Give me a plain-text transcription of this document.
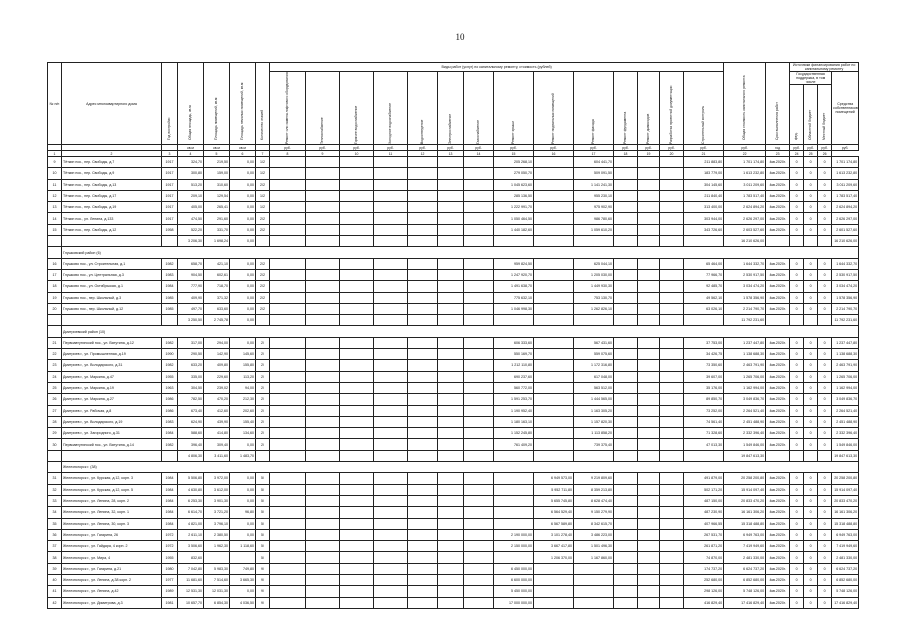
10
№ п/п	Адрес многоквартирного дома	Год постройки	Общая площадь, кв.м	Площадь помещений, кв.м	Площадь нежилых помещений, кв.м	Количество этажей	Виды работ (услуг) по капитальному ремонту, стоимость (рублей)														Общая стоимость капитального ремонта	Срок выполнения работ	Источники финансирования работ по капитальному ремонту			

							Ремонт или замена лифтового оборудования	Теплоснабжение	Горячее водоснабжение	Холодное водоснабжение	Водоотведение	Электроснабжение	Газоснабжение	Ремонт крыши	Ремонт подвальных помещений	Ремонт фасада	Ремонт фундамента	Ремонт дымоходов	Разработка проектной документации	Строительный контроль			Государственная поддержка, в том числе			Средства собственников помещений

																							фед.	Областной бюджет	Местный бюджет	

			кв.м	кв.м	кв.м		руб.	руб.	руб.	руб.	руб.	руб.	руб.	руб.	руб.	руб.	руб.	руб.	руб.	руб.	руб.	год	руб.	руб.	руб.	руб.
1	2	3	4	5	6	7	8	9	10	11	12	13	14	15	16	17	18	19	20	21	22	23	24	25	26	
9	Тёткин пос., пер. Свободы, д.7	1917	324,70	219,50	0,00	1/2								205 268,10		604 441,70				211 883,80	1 701 174,80	4кв.2020г.	0	0	0	1 701 174,80
10	Тёткин пос., пер. Свободы, д.9	1917	300,80	159,00	0,00	1/2								279 050,70		509 091,50				183 779,00	1 613 232,80	4кв.2020г.	0	0	0	1 613 232,80
11	Тёткин пос., пер. Свободы, д.13	1917	513,20	310,60	0,00	2/2								1 045 623,60		1 141 241,30				304 145,60	3 011 209,60	4кв.2020г.	0	0	0	3 011 209,60
12	Тёткин пос., пер. Свободы, д.17	1917	209,10	129,54	0,00	1/2								285 136,50		955 230,10				211 840,40	1 783 517,40	4кв.2020г.	0	0	0	1 783 517,40
13	Тёткин пос., пер. Свободы, д.19	1917	405,00	265,41	0,00	1/2								1 222 991,70		975 902,90				313 400,00	2 624 894,20	4кв.2020г.	0	0	0	2 624 894,20
14	Тёткин пос., ул. Ленина, д.133	1917	474,50	291,60	0,00	2/2								1 050 464,50		986 780,60				303 944,00	2 626 297,00	4кв.2020г.	0	0	0	2 626 297,00
15	Тёткин пос., пер. Свободы, д.12	1958	522,20	331,70	0,00	2/2								1 440 182,60		1 059 610,20				343 726,60	2 603 527,60	4кв.2020г.	0	0	0	2 601 527,60
			3 206,30	1 698,24	0,00																16 210 626,00					16 210 626,00
	Глушковский район (6)																									
16	Глушково пос., ул. Строительная, д.1	1982	658,70	421,10	0,00	2/2								959 824,50		625 044,10				65 464,00	1 644 332,70	4кв.2020г.	0	0	0	1 644 332,70
17	Глушково пос., ул. Центральная, д.3	1983	904,50	602,61	0,00	2/2								1 247 920,70		1 205 030,00				77 966,70	2 530 917,50	4кв.2020г.	0	0	0	2 530 917,50
18	Глушково пос., ул. Октябрьская, д.1	1984	777,90	718,70	0,00	2/2								1 491 638,70		1 449 930,30				92 485,70	3 034 474,20	4кв.2020г.	0	0	0	3 034 474,20
19	Глушково пос., пер. Школьный, д.3	1985	409,90	371,32	0,00	2/2								775 632,10		753 130,70				49 562,10	1 578 356,90	4кв.2020г.	0	0	0	1 578 356,90
20	Глушково пос., пер. Школьный, д.12	1985	497,70	633,60	0,00	2/2								1 046 998,30		1 262 826,10				63 026,10	2 214 790,70	4кв.2020г.	0	0	0	2 214 790,70
			3 250,50	2 745,78	0,00																11 792 231,60					11 792 231,60
	Дмитриевский район (10)																									
21	Первоавтутинский пос., ул. Ватутина, д.12	1982	317,00	294,00	0,00	2/								606 333,60		567 431,60				37 753,00	1 237 447,80	4кв.2020г.	0	0	0	1 237 447,80
22	Дмитриев г., ул. Промышленная, д.19	1990	290,50	142,90	145,60	2/								550 169,70		559 075,60				34 426,75	1 138 688,30	4кв.2020г.	0	0	0	1 138 688,30
23	Дмитриев г., ул. Володарского, д.31	1982	633,20	409,80	155,80	2/								1 212 110,80		1 172 316,80				73 350,60	2 463 791,90	4кв.2020г.	0	0	0	2 463 791,90
24	Дмитриев г., ул. Маркина, д.47	1955	335,00	229,60	113,20	2/								690 237,60		617 048,00				39 607,00	1 265 706,00	4кв.2020г.	0	0	0	1 265 706,00
25	Дмитриев г., ул. Маркина, д.19	1963	304,50	239,02	94,00	2/								560 772,00		563 512,00				35 176,00	1 162 994,00	4кв.2020г.	0	0	0	1 162 994,00
26	Дмитриев г., ул. Маркина, д.27	1986	782,50	470,20	212,30	2/								1 591 253,70		1 444 565,00				89 850,70	3 049 836,70	4кв.2020г.	0	0	0	3 049 836,70
27	Дмитриев г., ул. Рабочая, д.8	1986	673,40	412,60	202,60	2/								1 190 952,40		1 163 305,20				73 252,00	2 264 521,40	4кв.2020г.	0	0	0	2 264 521,40
28	Дмитриев г., ул. Володарского, д.19	1983	624,90	439,90	155,40	2/								1 180 163,10		1 157 820,30				74 561,40	2 451 488,90	4кв.2020г.	0	0	0	2 451 488,90
29	Дмитриев г., ул. Загородного, д.31	1984	588,60	414,80	134,60	2/								1 152 245,80		1 113 858,20				71 328,60	2 332 396,40	4кв.2020г.	0	0	0	2 332 396,40
30	Первоавтутинский пос., ул. Ватутина, д.14	1982	396,40	309,40	0,00	2/								761 409,20		739 375,40				47 013,30	1 549 846,00	4кв.2020г.	0	0	0	1 549 846,00
			4 806,30	3 411,60	1 483,70																19 847 613,30					19 847 613,30
	Железногорск г. (38)																									
31	Железногорск г., ул. Курская, д.12, корп. 3	1984	5 506,80	3 972,00	0,00	5/									6 949 573,00	9 219 809,60				491 879,00	20 258 200,80	4кв.2020г.	0	0	0	20 258 200,80
32	Железногорск г., ул. Курская, д.12, корп. 5	1984	4 630,80	3 612,00	0,00	5/									5 952 711,80	8 359 213,80				502 171,20	15 914 097,40	4кв.2020г.	0	0	0	15 914 097,40
33	Железногорск г., ул. Ленина, 28, корп. 2	1984	6 253,30	3 901,30	0,00	5/									5 655 745,80	8 628 474,40				487 150,00	20 833 470,20	4кв.2020г.	0	0	0	20 833 470,20
34	Железногорск г., ул. Ленина, 32, корп. 1	1984	6 614,70	3 721,20	96,80	5/									6 564 529,40	9 150 279,90				487 230,90	16 161 306,20	4кв.2020г.	0	0	0	16 161 306,20
35	Железногорск г., ул. Ленина, 30, корп. 3	1984	4 821,00	3 796,10	0,00	5/									6 567 589,80	8 342 615,70				407 966,55	15 318 488,80	4кв.2020г.	0	0	0	15 318 488,80
36	Железногорск г., ул. Гагарина, 26	1972	2 611,10	2 380,50	0,00	5/								2 190 000,00	3 101 278,40	3 486 223,00				267 531,70	6 949 763,00	4кв.2020г.	0	0	0	6 949 763,00
37	Железногорск г., ул. Гайдара, 4 корп. 2	1972	3 506,60	1 962,30	1 118,60	5/								2 150 000,00	3 667 417,80	1 501 496,30				261 871,20	7 419 949,60	4кв.2020г.	0	0	0	7 419 949,60
38	Железногорск г., ул. Мира, 4	1955	832,60			5/									1 206 370,00	1 167 860,00				74 870,00	2 481 330,00	4кв.2020г.	0	0	0	2 481 330,00
39	Железногорск г., ул. Гагарина, д.21	1980	7 042,80	5 983,30	749,80	9/								6 450 000,00						174 737,20	6 624 737,20	4кв.2020г.	0	0	0	6 624 737,20
40	Железногорск г., ул. Ленина, д.38 корп. 2	1977	11 681,60	7 514,60	3 665,30	9/								6 600 000,00						252 680,00	6 852 680,00	4кв.2020г.	0	0	0	6 852 680,00
41	Железногорск г., ул. Ленина, д.42	1989	12 531,30	12 031,30	0,00	9/								5 450 000,00						298 126,00	5 748 126,00	4кв.2020г.	0	0	0	5 748 126,00
42	Железногорск г., ул. Димитрова, д.3	1981	10 657,70	6 854,30	4 036,50	9/								17 000 000,00						416 829,40	17 416 829,40	4кв.2020г.	0	0	0	17 416 829,40
